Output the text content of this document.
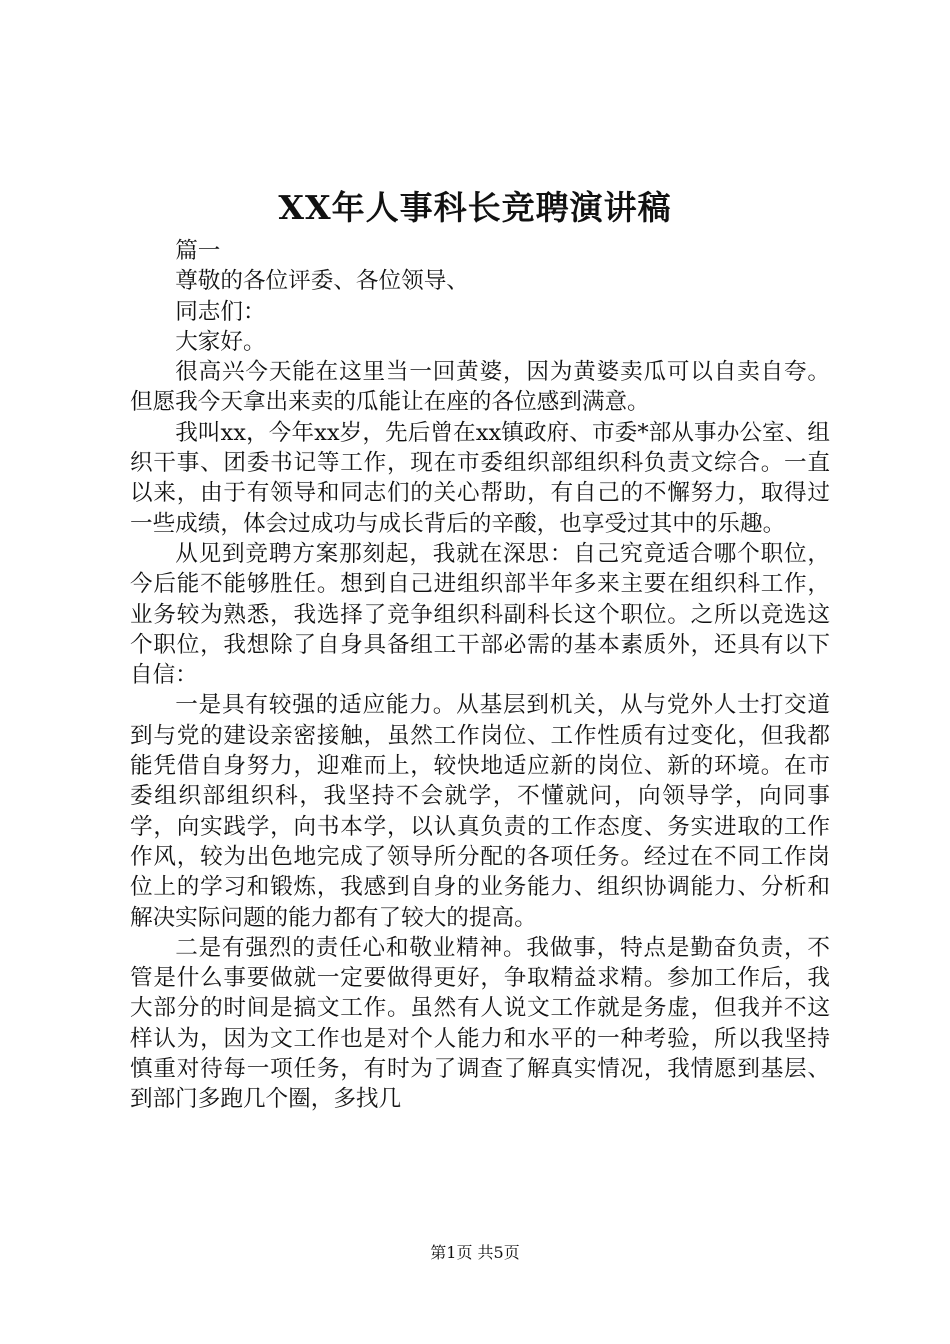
XX年人事科长竞聘演讲稿

篇一

尊敬的各位评委、各位领导、

同志们：

大家好。

很高兴今天能在这里当一回黄婆，因为黄婆卖瓜可以自卖自夸。但愿我今天拿出来卖的瓜能让在座的各位感到满意。

我叫xx，今年xx岁，先后曾在xx镇政府、市委*部从事办公室、组织干事、团委书记等工作，现在市委组织部组织科负责文综合。一直以来，由于有领导和同志们的关心帮助，有自己的不懈努力，取得过一些成绩，体会过成功与成长背后的辛酸，也享受过其中的乐趣。

从见到竞聘方案那刻起，我就在深思：自己究竟适合哪个职位，今后能不能够胜任。想到自己进组织部半年多来主要在组织科工作，业务较为熟悉，我选择了竞争组织科副科长这个职位。之所以竞选这个职位，我想除了自身具备组工干部必需的基本素质外，还具有以下自信：

一是具有较强的适应能力。从基层到机关，从与党外人士打交道到与党的建设亲密接触，虽然工作岗位、工作性质有过变化，但我都能凭借自身努力，迎难而上，较快地适应新的岗位、新的环境。在市委组织部组织科，我坚持不会就学，不懂就问，向领导学，向同事学，向实践学，向书本学，以认真负责的工作态度、务实进取的工作作风，较为出色地完成了领导所分配的各项任务。经过在不同工作岗位上的学习和锻炼，我感到自身的业务能力、组织协调能力、分析和解决实际问题的能力都有了较大的提高。

二是有强烈的责任心和敬业精神。我做事，特点是勤奋负责，不管是什么事要做就一定要做得更好，争取精益求精。参加工作后，我大部分的时间是搞文工作。虽然有人说文工作就是务虚，但我并不这样认为，因为文工作也是对个人能力和水平的一种考验，所以我坚持慎重对待每一项任务，有时为了调查了解真实情况，我情愿到基层、到部门多跑几个圈，多找几

第1页 共5页
